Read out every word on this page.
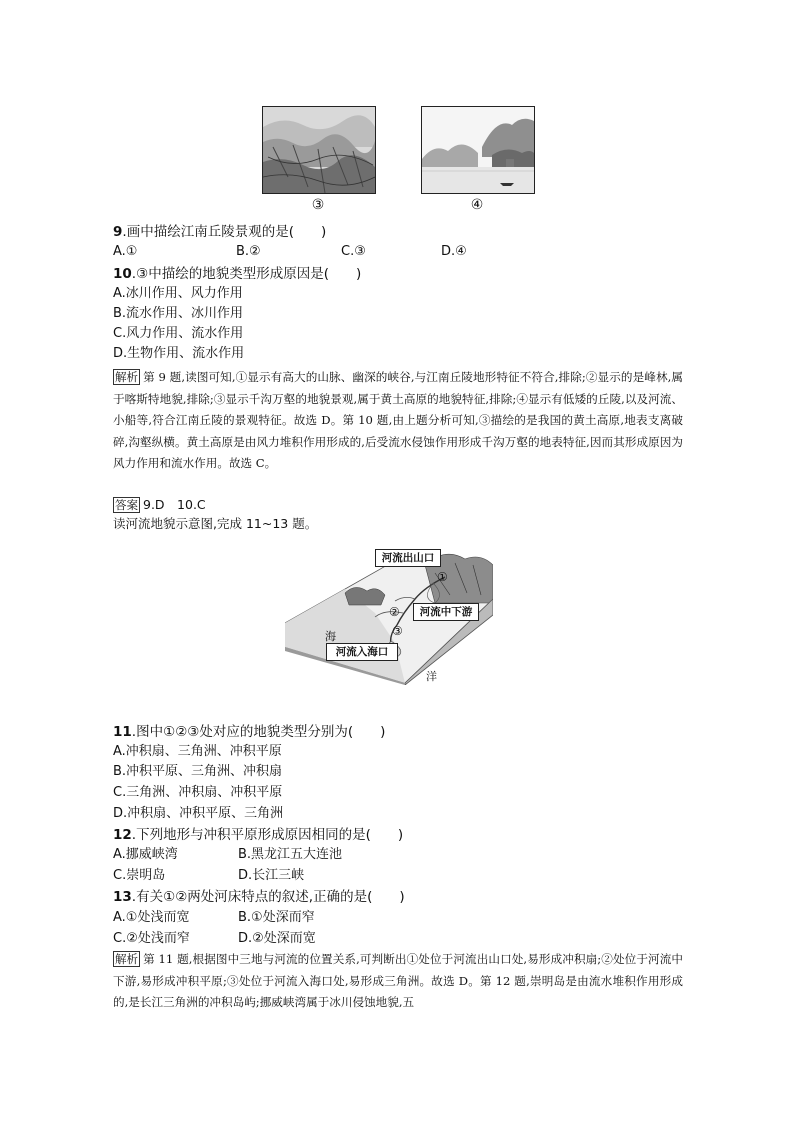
③	④
9.画中描绘江南丘陵景观的是(　　)
A.①	B.②	C.③	D.④
10.③中描绘的地貌类型形成原因是(　　)
A.冰川作用、风力作用
B.流水作用、冰川作用
C.风力作用、流水作用
D.生物作用、流水作用
解析 第 9 题,读图可知,①显示有高大的山脉、幽深的峡谷,与江南丘陵地形特征不符合,排除;②显示的是峰林,属于喀斯特地貌,排除;③显示千沟万壑的地貌景观,属于黄土高原的地貌特征,排除;④显示有低矮的丘陵,以及河流、小船等,符合江南丘陵的景观特征。故选 D。第 10 题,由上题分析可知,③描绘的是我国的黄土高原,地表支离破碎,沟壑纵横。黄土高原是由风力堆积作用形成的,后受流水侵蚀作用形成千沟万壑的地表特征,因而其形成原因为风力作用和流水作用。故选 C。
答案 9.D　10.C
读河流地貌示意图,完成 11~13 题。
河流出山口
河流中下游
河流入海口
①
②
③
海
洋
11.图中①②③处对应的地貌类型分别为(　　)
A.冲积扇、三角洲、冲积平原
B.冲积平原、三角洲、冲积扇
C.三角洲、冲积扇、冲积平原
D.冲积扇、冲积平原、三角洲
12.下列地形与冲积平原形成原因相同的是(　　)
A.挪威峡湾	B.黑龙江五大连池
C.崇明岛	D.长江三峡
13.有关①②两处河床特点的叙述,正确的是(　　)
A.①处浅而宽	B.①处深而窄
C.②处浅而窄	D.②处深而宽
解析 第 11 题,根据图中三地与河流的位置关系,可判断出①处位于河流出山口处,易形成冲积扇;②处位于河流中下游,易形成冲积平原;③处位于河流入海口处,易形成三角洲。故选 D。第 12 题,崇明岛是由流水堆积作用形成的,是长江三角洲的冲积岛屿;挪威峡湾属于冰川侵蚀地貌,五
